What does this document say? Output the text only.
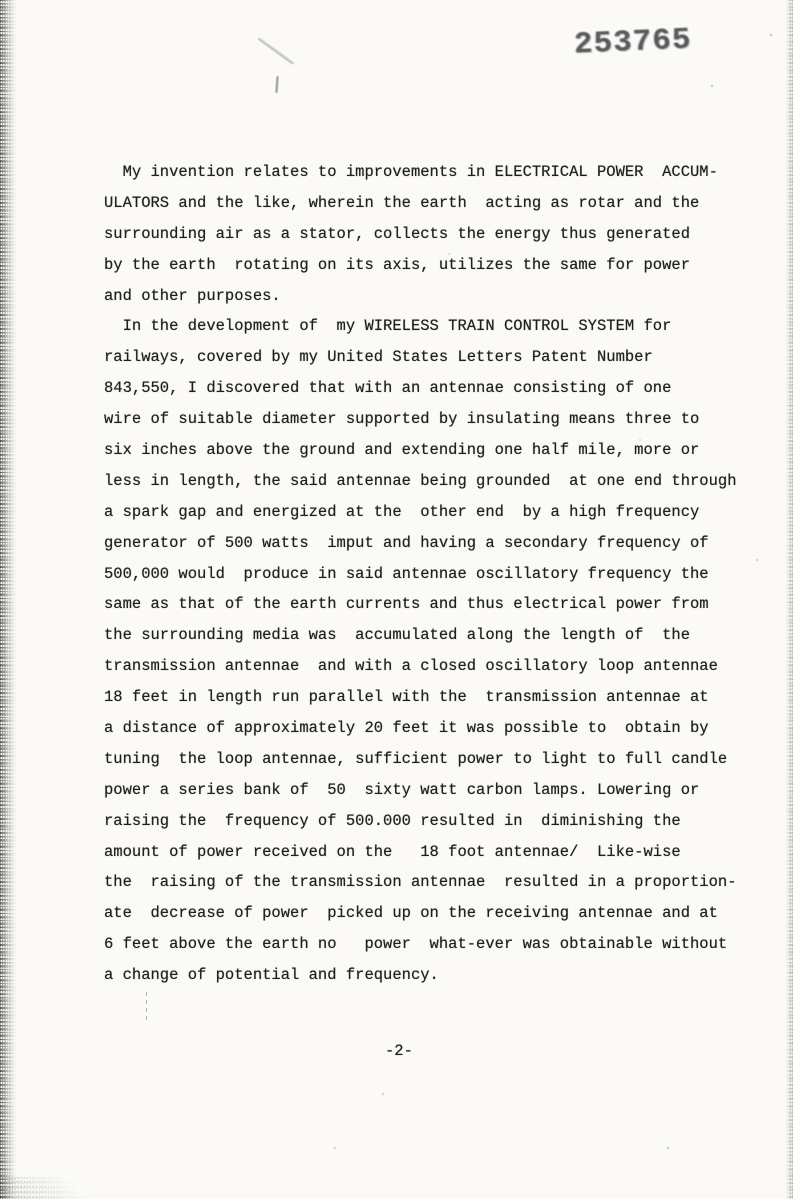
253765
My invention relates to improvements in ELECTRICAL POWER  ACCUM-
ULATORS and the like, wherein the earth  acting as rotar and the
surrounding air as a stator, collects the energy thus generated
by the earth  rotating on its axis, utilizes the same for power
and other purposes.
In the development of  my WIRELESS TRAIN CONTROL SYSTEM for
railways, covered by my United States Letters Patent Number
843,550, I discovered that with an antennae consisting of one
wire of suitable diameter supported by insulating means three to
six inches above the ground and extending one half mile, more or
less in length, the said antennae being grounded  at one end through
a spark gap and energized at the  other end  by a high frequency
generator of 500 watts  imput and having a secondary frequency of
500,000 would  produce in said antennae oscillatory frequency the
same as that of the earth currents and thus electrical power from
the surrounding media was  accumulated along the length of  the
transmission antennae  and with a closed oscillatory loop antennae
18 feet in length run parallel with the  transmission antennae at
a distance of approximately 20 feet it was possible to  obtain by
tuning  the loop antennae, sufficient power to light to full candle
power a series bank of  50  sixty watt carbon lamps. Lowering or
raising the  frequency of 500.000 resulted in  diminishing the
amount of power received on the   18 foot antennae/  Like-wise
the  raising of the transmission antennae  resulted in a proportion-
ate  decrease of power  picked up on the receiving antennae and at
6 feet above the earth no   power  what-ever was obtainable without
a change of potential and frequency.
-2-
